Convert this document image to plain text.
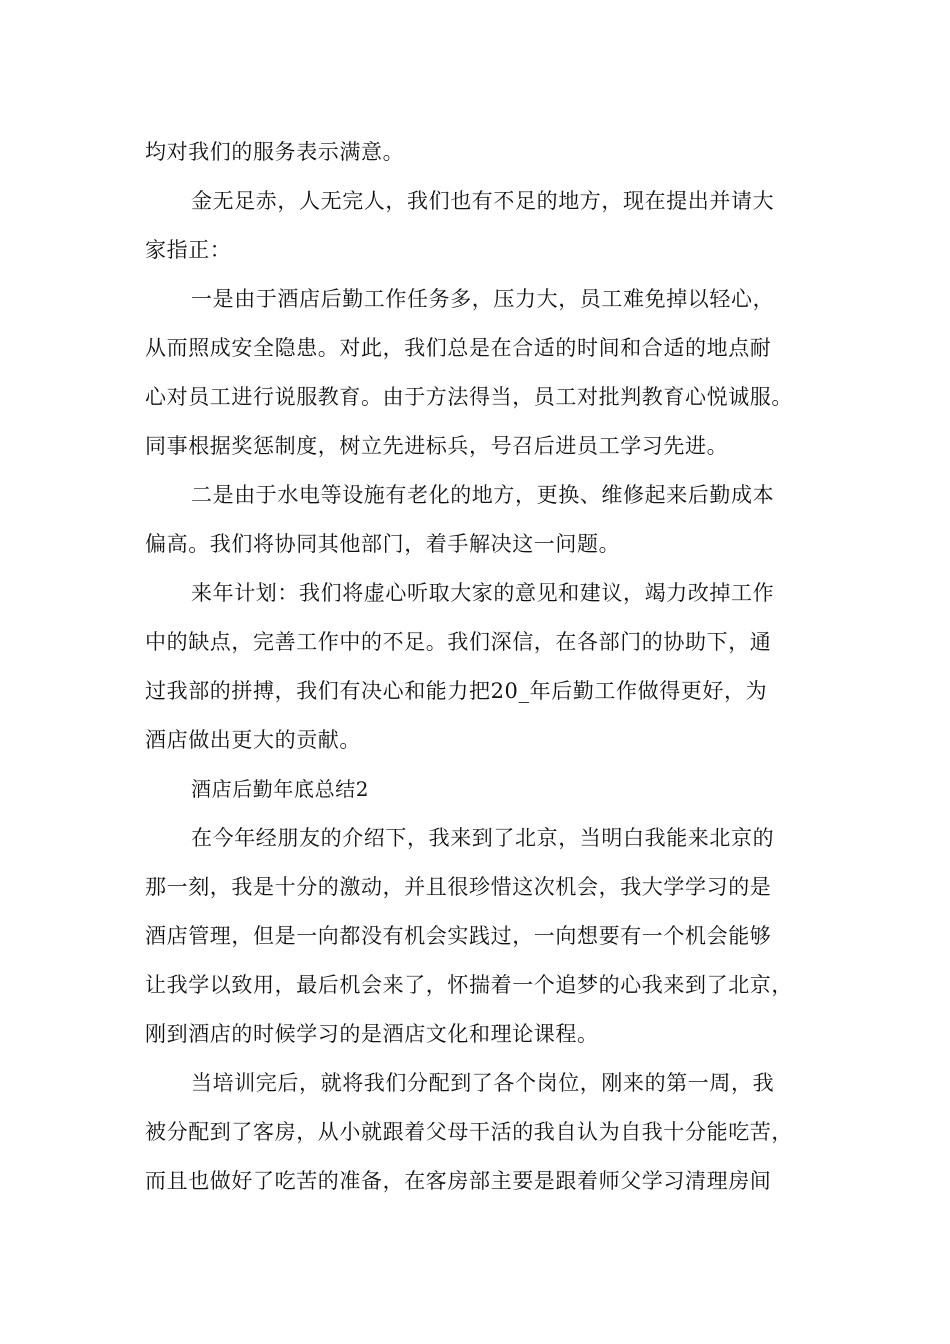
均对我们的服务表示满意。

金无足赤，人无完人，我们也有不足的地方，现在提出并请大
家指正：

一是由于酒店后勤工作任务多，压力大，员工难免掉以轻心，
从而照成安全隐患。对此，我们总是在合适的时间和合适的地点耐
心对员工进行说服教育。由于方法得当，员工对批判教育心悦诚服。
同事根据奖惩制度，树立先进标兵，号召后进员工学习先进。

二是由于水电等设施有老化的地方，更换、维修起来后勤成本
偏高。我们将协同其他部门，着手解决这一问题。

来年计划：我们将虚心听取大家的意见和建议，竭力改掉工作
中的缺点，完善工作中的不足。我们深信，在各部门的协助下，通
过我部的拼搏，我们有决心和能力把20_年后勤工作做得更好，为
酒店做出更大的贡献。

酒店后勤年底总结2

在今年经朋友的介绍下，我来到了北京，当明白我能来北京的
那一刻，我是十分的激动，并且很珍惜这次机会，我大学学习的是
酒店管理，但是一向都没有机会实践过，一向想要有一个机会能够
让我学以致用，最后机会来了，怀揣着一个追梦的心我来到了北京，
刚到酒店的时候学习的是酒店文化和理论课程。

当培训完后，就将我们分配到了各个岗位，刚来的第一周，我
被分配到了客房，从小就跟着父母干活的我自认为自我十分能吃苦，
而且也做好了吃苦的准备，在客房部主要是跟着师父学习清理房间
